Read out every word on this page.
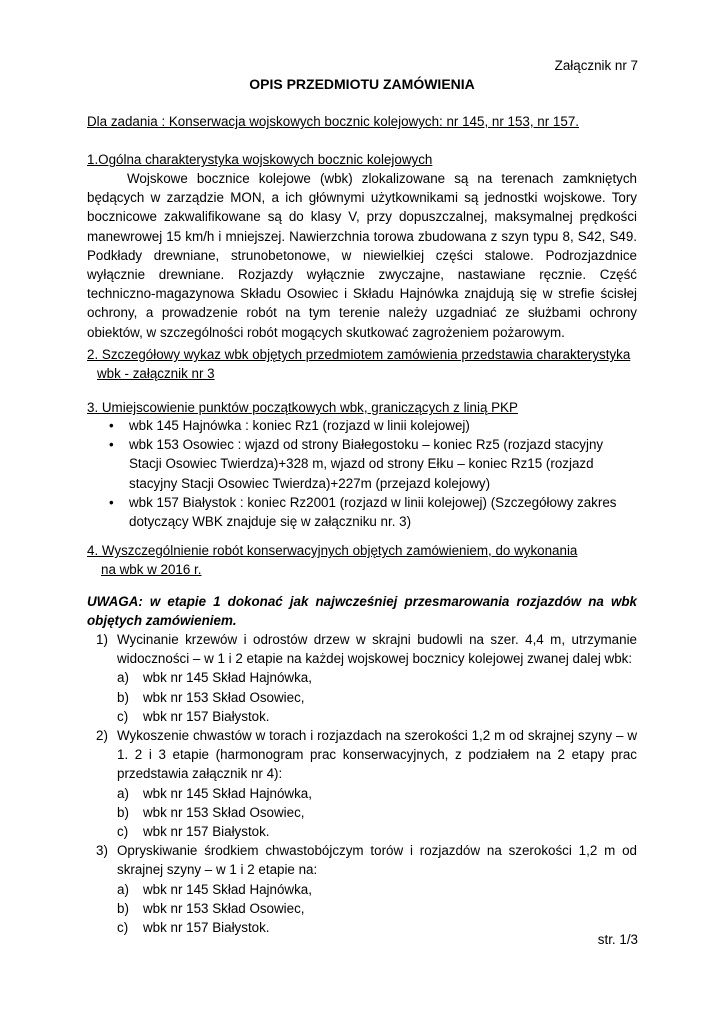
Załącznik nr 7
OPIS PRZEDMIOTU ZAMÓWIENIA
Dla zadania : Konserwacja wojskowych bocznic kolejowych: nr 145, nr 153, nr 157.
1.Ogólna charakterystyka wojskowych bocznic kolejowych
Wojskowe bocznice kolejowe (wbk) zlokalizowane są na terenach zamkniętych będących w zarządzie MON, a ich głównymi użytkownikami są jednostki wojskowe. Tory bocznicowe zakwalifikowane są do klasy V, przy dopuszczalnej, maksymalnej prędkości manewrowej 15 km/h i mniejszej. Nawierzchnia torowa zbudowana z szyn typu 8, S42, S49. Podkłady drewniane, strunobetonowe, w niewielkiej części stalowe. Podrozjazdnice wyłącznie drewniane. Rozjazdy wyłącznie zwyczajne, nastawiane ręcznie. Część techniczno-magazynowa Składu Osowiec i Składu Hajnówka znajdują się w strefie ścisłej ochrony, a prowadzenie robót na tym terenie należy uzgadniać ze służbami ochrony obiektów, w szczególności robót mogących skutkować zagrożeniem pożarowym.
2. Szczegółowy wykaz wbk objętych przedmiotem zamówienia przedstawia charakterystyka
wbk - załącznik nr 3
3. Umiejscowienie punktów początkowych wbk, graniczących z linią PKP
• wbk 145 Hajnówka : koniec Rz1 (rozjazd w linii kolejowej)
• wbk 153 Osowiec : wjazd od strony Białegostoku – koniec Rz5 (rozjazd stacyjny Stacji Osowiec Twierdza)+328 m, wjazd od strony Ełku – koniec Rz15 (rozjazd stacyjny Stacji Osowiec Twierdza)+227m (przejazd kolejowy)
• wbk 157 Białystok : koniec Rz2001 (rozjazd w linii kolejowej) (Szczegółowy zakres dotyczący WBK znajduje się w załączniku nr. 3)
4. Wyszczególnienie robót konserwacyjnych objętych zamówieniem, do wykonania
na wbk w 2016 r.
UWAGA: w etapie 1 dokonać jak najwcześniej przesmarowania rozjazdów na wbk objętych zamówieniem.
1) Wycinanie krzewów i odrostów drzew w skrajni budowli na szer. 4,4 m, utrzymanie widoczności – w 1 i 2 etapie na każdej wojskowej bocznicy kolejowej zwanej dalej wbk:
a) wbk nr 145 Skład Hajnówka,
b) wbk nr 153 Skład Osowiec,
c) wbk nr 157 Białystok.
2) Wykoszenie chwastów w torach i rozjazdach na szerokości 1,2 m od skrajnej szyny – w 1. 2 i 3 etapie (harmonogram prac konserwacyjnych, z podziałem na 2 etapy prac przedstawia załącznik nr 4):
a) wbk nr 145 Skład Hajnówka,
b) wbk nr 153 Skład Osowiec,
c) wbk nr 157 Białystok.
3) Opryskiwanie środkiem chwastobójczym torów i rozjazdów na szerokości 1,2 m od skrajnej szyny – w 1 i 2 etapie na:
a) wbk nr 145 Skład Hajnówka,
b) wbk nr 153 Skład Osowiec,
c) wbk nr 157 Białystok.
str. 1/3
